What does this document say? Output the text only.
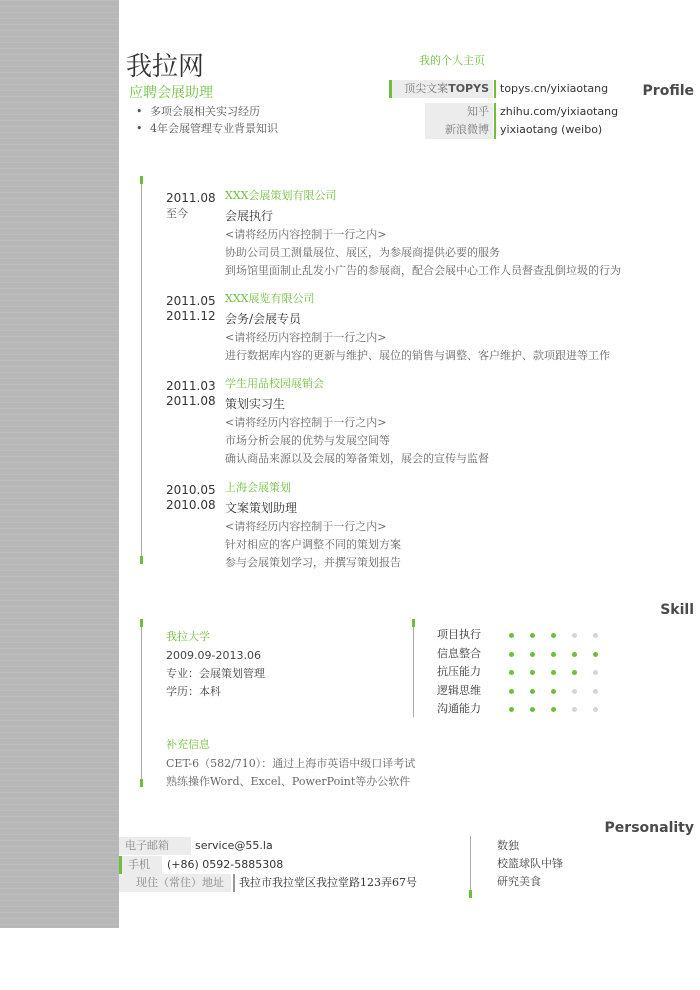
Name
Profile
Experience
Education
Skill
Contact
Personality
我拉网
应聘会展助理
• 多项会展相关实习经历
• 4年会展管理专业背景知识
我的个人主页
顶尖文案TOPYS	topys.cn/yixiaotang
知乎	zhihu.com/yixiaotang
新浪微博	yixiaotang (weibo)
2011.08
至今
XXX会展策划有限公司
会展执行
<请将经历内容控制于一行之内>
协助公司员工测量展位、展区，为参展商提供必要的服务
到场馆里面制止乱发小广告的参展商，配合会展中心工作人员督查乱倒垃圾的行为
2011.05
2011.12
XXX展览有限公司
会务/会展专员
<请将经历内容控制于一行之内>
进行数据库内容的更新与维护、展位的销售与调整、客户维护、款项跟进等工作
2011.03
2011.08
学生用品校园展销会
策划实习生
<请将经历内容控制于一行之内>
市场分析会展的优势与发展空间等
确认商品来源以及会展的筹备策划，展会的宣传与监督
2010.05
2010.08
上海会展策划
文案策划助理
<请将经历内容控制于一行之内>
针对相应的客户调整不同的策划方案
参与会展策划学习，并撰写策划报告
我拉大学
2009.09-2013.06
专业：会展策划管理
学历：本科
补充信息
CET-6（582/710）：通过上海市英语中级口译考试
熟练操作Word、Excel、PowerPoint等办公软件
项目执行
信息整合
抗压能力
逻辑思维
沟通能力
电子邮箱	service@55.la
手机	(+86) 0592-5885308
现住（常住）地址	我拉市我拉堂区我拉堂路123弄67号
数独
校篮球队中锋
研究美食
